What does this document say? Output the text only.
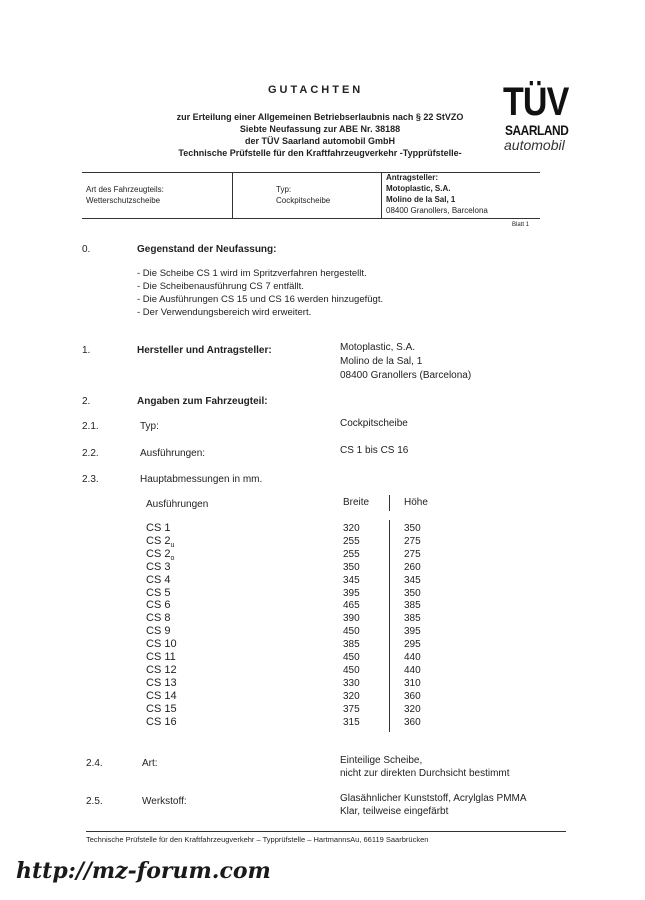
GUTACHTEN
zur Erteilung einer Allgemeinen Betriebserlaubnis nach § 22 StVZO
Siebte Neufassung zur ABE Nr. 38188
der TÜV Saarland automobil GmbH
Technische Prüfstelle für den Kraftfahrzeugverkehr -Typprüfstelle-
TÜV
SAARLAND
automobil
Art des Fahrzeugteils:
Wetterschutzscheibe
Typ:
Cockpitscheibe
Antragsteller:
Motoplastic, S.A.
Molino de la Sal, 1
08400 Granollers, Barcelona
Blatt 1
0.	Gegenstand der Neufassung:
- Die Scheibe CS 1 wird im Spritzverfahren hergestellt.
- Die Scheibenausführung CS 7 entfällt.
- Die Ausführungen CS 15 und CS 16 werden hinzugefügt.
- Der Verwendungsbereich wird erweitert.
1.	Hersteller und Antragsteller:	Motoplastic, S.A.
Molino de la Sal, 1
08400 Granollers (Barcelona)
2.	Angaben zum Fahrzeugteil:
2.1.	Typ:	Cockpitscheibe
2.2.	Ausführungen:	CS 1 bis CS 16
2.3.	Hauptabmessungen in mm.
Ausführungen	Breite	Höhe
CS 1	320	350
CS $2_u$	255	275
CS $2_o$	255	275
CS 3	350	260
CS 4	345	345
CS 5	395	350
CS 6	465	385
CS 8	390	385
CS 9	450	395
CS 10	385	295
CS 11	450	440
CS 12	450	440
CS 13	330	310
CS 14	320	360
CS 15	375	320
CS 16	315	360
2.4.	Art:	Einteilige Scheibe,
nicht zur direkten Durchsicht bestimmt
2.5.	Werkstoff:	Glasähnlicher Kunststoff, Acrylglas PMMA
Klar, teilweise eingefärbt
Technische Prüfstelle für den Kraftfahrzeugverkehr – Typprüfstelle – HartmannsAu, 66119 Saarbrücken
http://mz-forum.com
